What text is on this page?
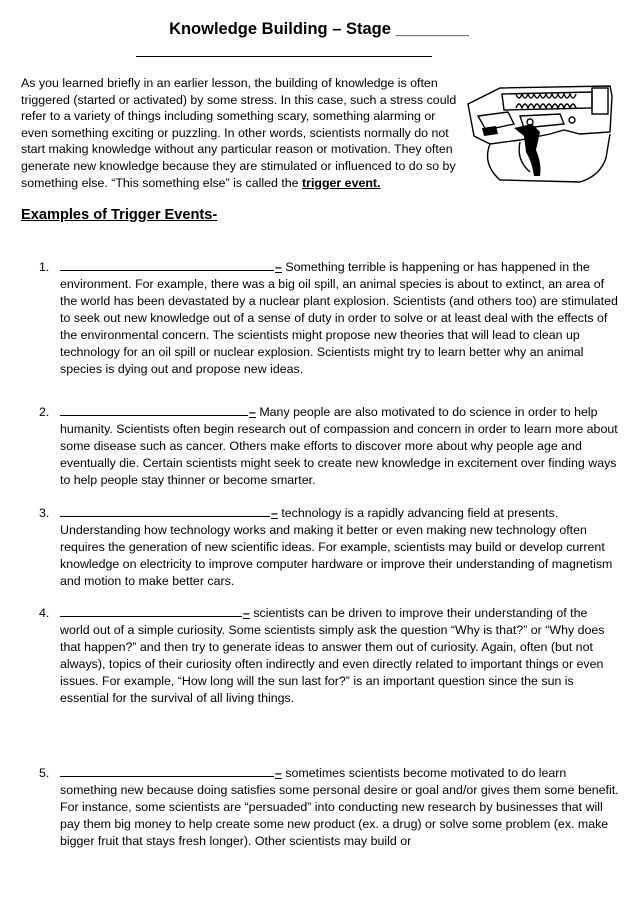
Knowledge Building – Stage ________
As you learned briefly in an earlier lesson, the building of knowledge is often triggered (started or activated) by some stress. In this case, such a stress could refer to a variety of things including something scary, something alarming or even something exciting or puzzling. In other words, scientists normally do not start making knowledge without any particular reason or motivation. They often generate new knowledge because they are stimulated or influenced to do so by something else. “This something else” is called the trigger event.
Examples of Trigger Events-
1.	– Something terrible is happening or has happened in the environment. For example, there was a big oil spill, an animal species is about to extinct, an area of the world has been devastated by a nuclear plant explosion. Scientists (and others too) are stimulated to seek out new knowledge out of a sense of duty in order to solve or at least deal with the effects of the environmental concern. The scientists might propose new theories that will lead to clean up technology for an oil spill or nuclear explosion. Scientists might try to learn better why an animal species is dying out and propose new ideas.
2.	– Many people are also motivated to do science in order to help humanity. Scientists often begin research out of compassion and concern in order to learn more about some disease such as cancer. Others make efforts to discover more about why people age and eventually die. Certain scientists might seek to create new knowledge in excitement over finding ways to help people stay thinner or become smarter.
3.	– technology is a rapidly advancing field at presents. Understanding how technology works and making it better or even making new technology often requires the generation of new scientific ideas. For example, scientists may build or develop current knowledge on electricity to improve computer hardware or improve their understanding of magnetism and motion to make better cars.
4.	– scientists can be driven to improve their understanding of the world out of a simple curiosity. Some scientists simply ask the question “Why is that?” or “Why does that happen?” and then try to generate ideas to answer them out of curiosity. Again, often (but not always), topics of their curiosity often indirectly and even directly related to important things or even issues. For example, “How long will the sun last for?” is an important question since the sun is essential for the survival of all living things.
5.	– sometimes scientists become motivated to do learn something new because doing satisfies some personal desire or goal and/or gives them some benefit. For instance, some scientists are “persuaded” into conducting new research by businesses that will pay them big money to help create some new product (ex. a drug) or solve some problem (ex. make bigger fruit that stays fresh longer). Other scientists may build or
